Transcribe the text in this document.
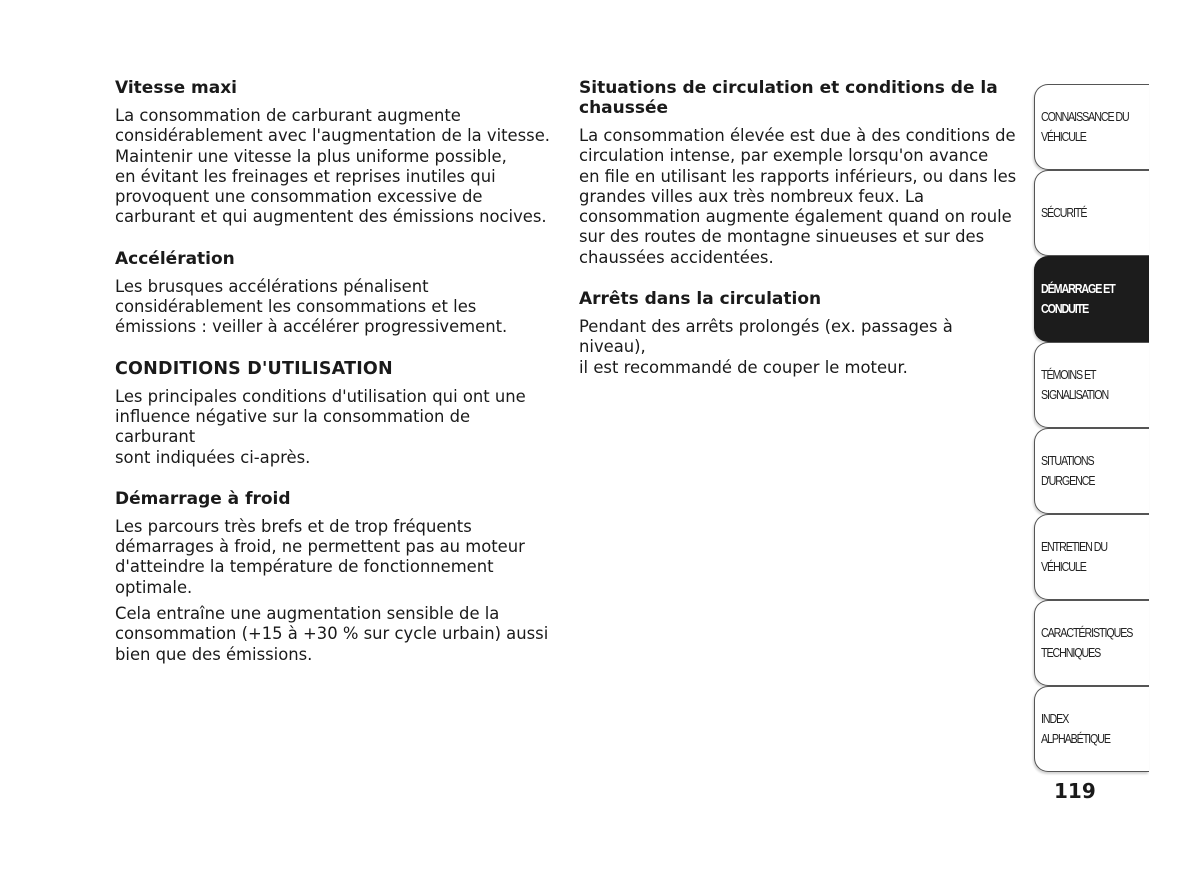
Vitesse maxi

La consommation de carburant augmente
considérablement avec l'augmentation de la vitesse.
Maintenir une vitesse la plus uniforme possible,
en évitant les freinages et reprises inutiles qui
provoquent une consommation excessive de
carburant et qui augmentent des émissions nocives.

Accélération

Les brusques accélérations pénalisent
considérablement les consommations et les
émissions : veiller à accélérer progressivement.

CONDITIONS D'UTILISATION

Les principales conditions d'utilisation qui ont une
influence négative sur la consommation de carburant
sont indiquées ci-après.

Démarrage à froid

Les parcours très brefs et de trop fréquents
démarrages à froid, ne permettent pas au moteur
d'atteindre la température de fonctionnement
optimale.

Cela entraîne une augmentation sensible de la
consommation (+15 à +30 % sur cycle urbain) aussi
bien que des émissions.

Situations de circulation et conditions de la
chaussée

La consommation élevée est due à des conditions de
circulation intense, par exemple lorsqu'on avance
en file en utilisant les rapports inférieurs, ou dans les
grandes villes aux très nombreux feux. La
consommation augmente également quand on roule
sur des routes de montagne sinueuses et sur des
chaussées accidentées.

Arrêts dans la circulation

Pendant des arrêts prolongés (ex. passages à niveau),
il est recommandé de couper le moteur.

CONNAISSANCE DU
VÉHICULE
SÉCURITÉ
DÉMARRAGE ET
CONDUITE
TÉMOINS ET
SIGNALISATION
SITUATIONS
D'URGENCE
ENTRETIEN DU
VÉHICULE
CARACTÉRISTIQUES
TECHNIQUES
INDEX
ALPHABÉTIQUE
119
